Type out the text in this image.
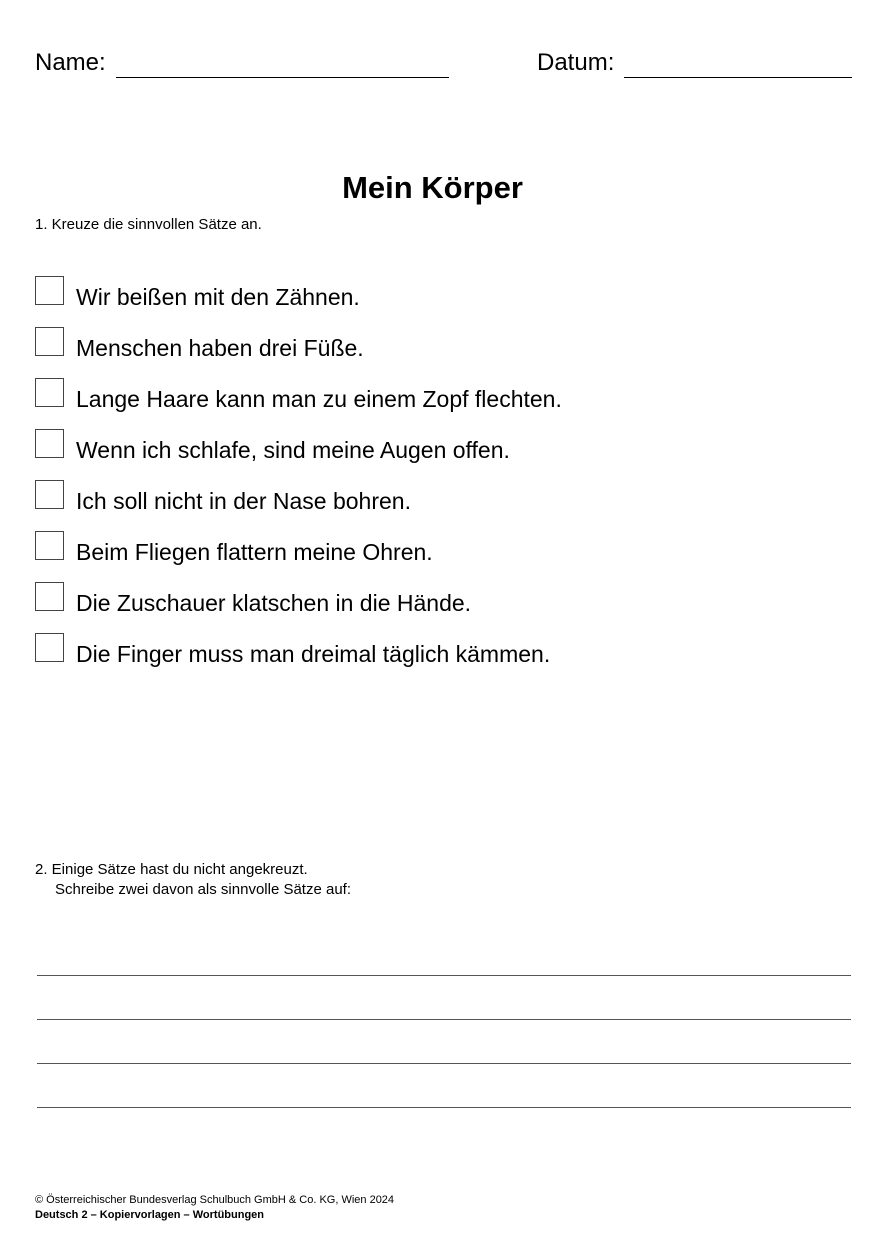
Name:	Datum:
Mein Körper
1. Kreuze die sinnvollen Sätze an.
Wir beißen mit den Zähnen.
Menschen haben drei Füße.
Lange Haare kann man zu einem Zopf flechten.
Wenn ich schlafe, sind meine Augen offen.
Ich soll nicht in der Nase bohren.
Beim Fliegen flattern meine Ohren.
Die Zuschauer klatschen in die Hände.
Die Finger muss man dreimal täglich kämmen.
2. Einige Sätze hast du nicht angekreuzt.
Schreibe zwei davon als sinnvolle Sätze auf:
© Österreichischer Bundesverlag Schulbuch GmbH & Co. KG, Wien 2024
Deutsch 2 – Kopiervorlagen – Wortübungen
